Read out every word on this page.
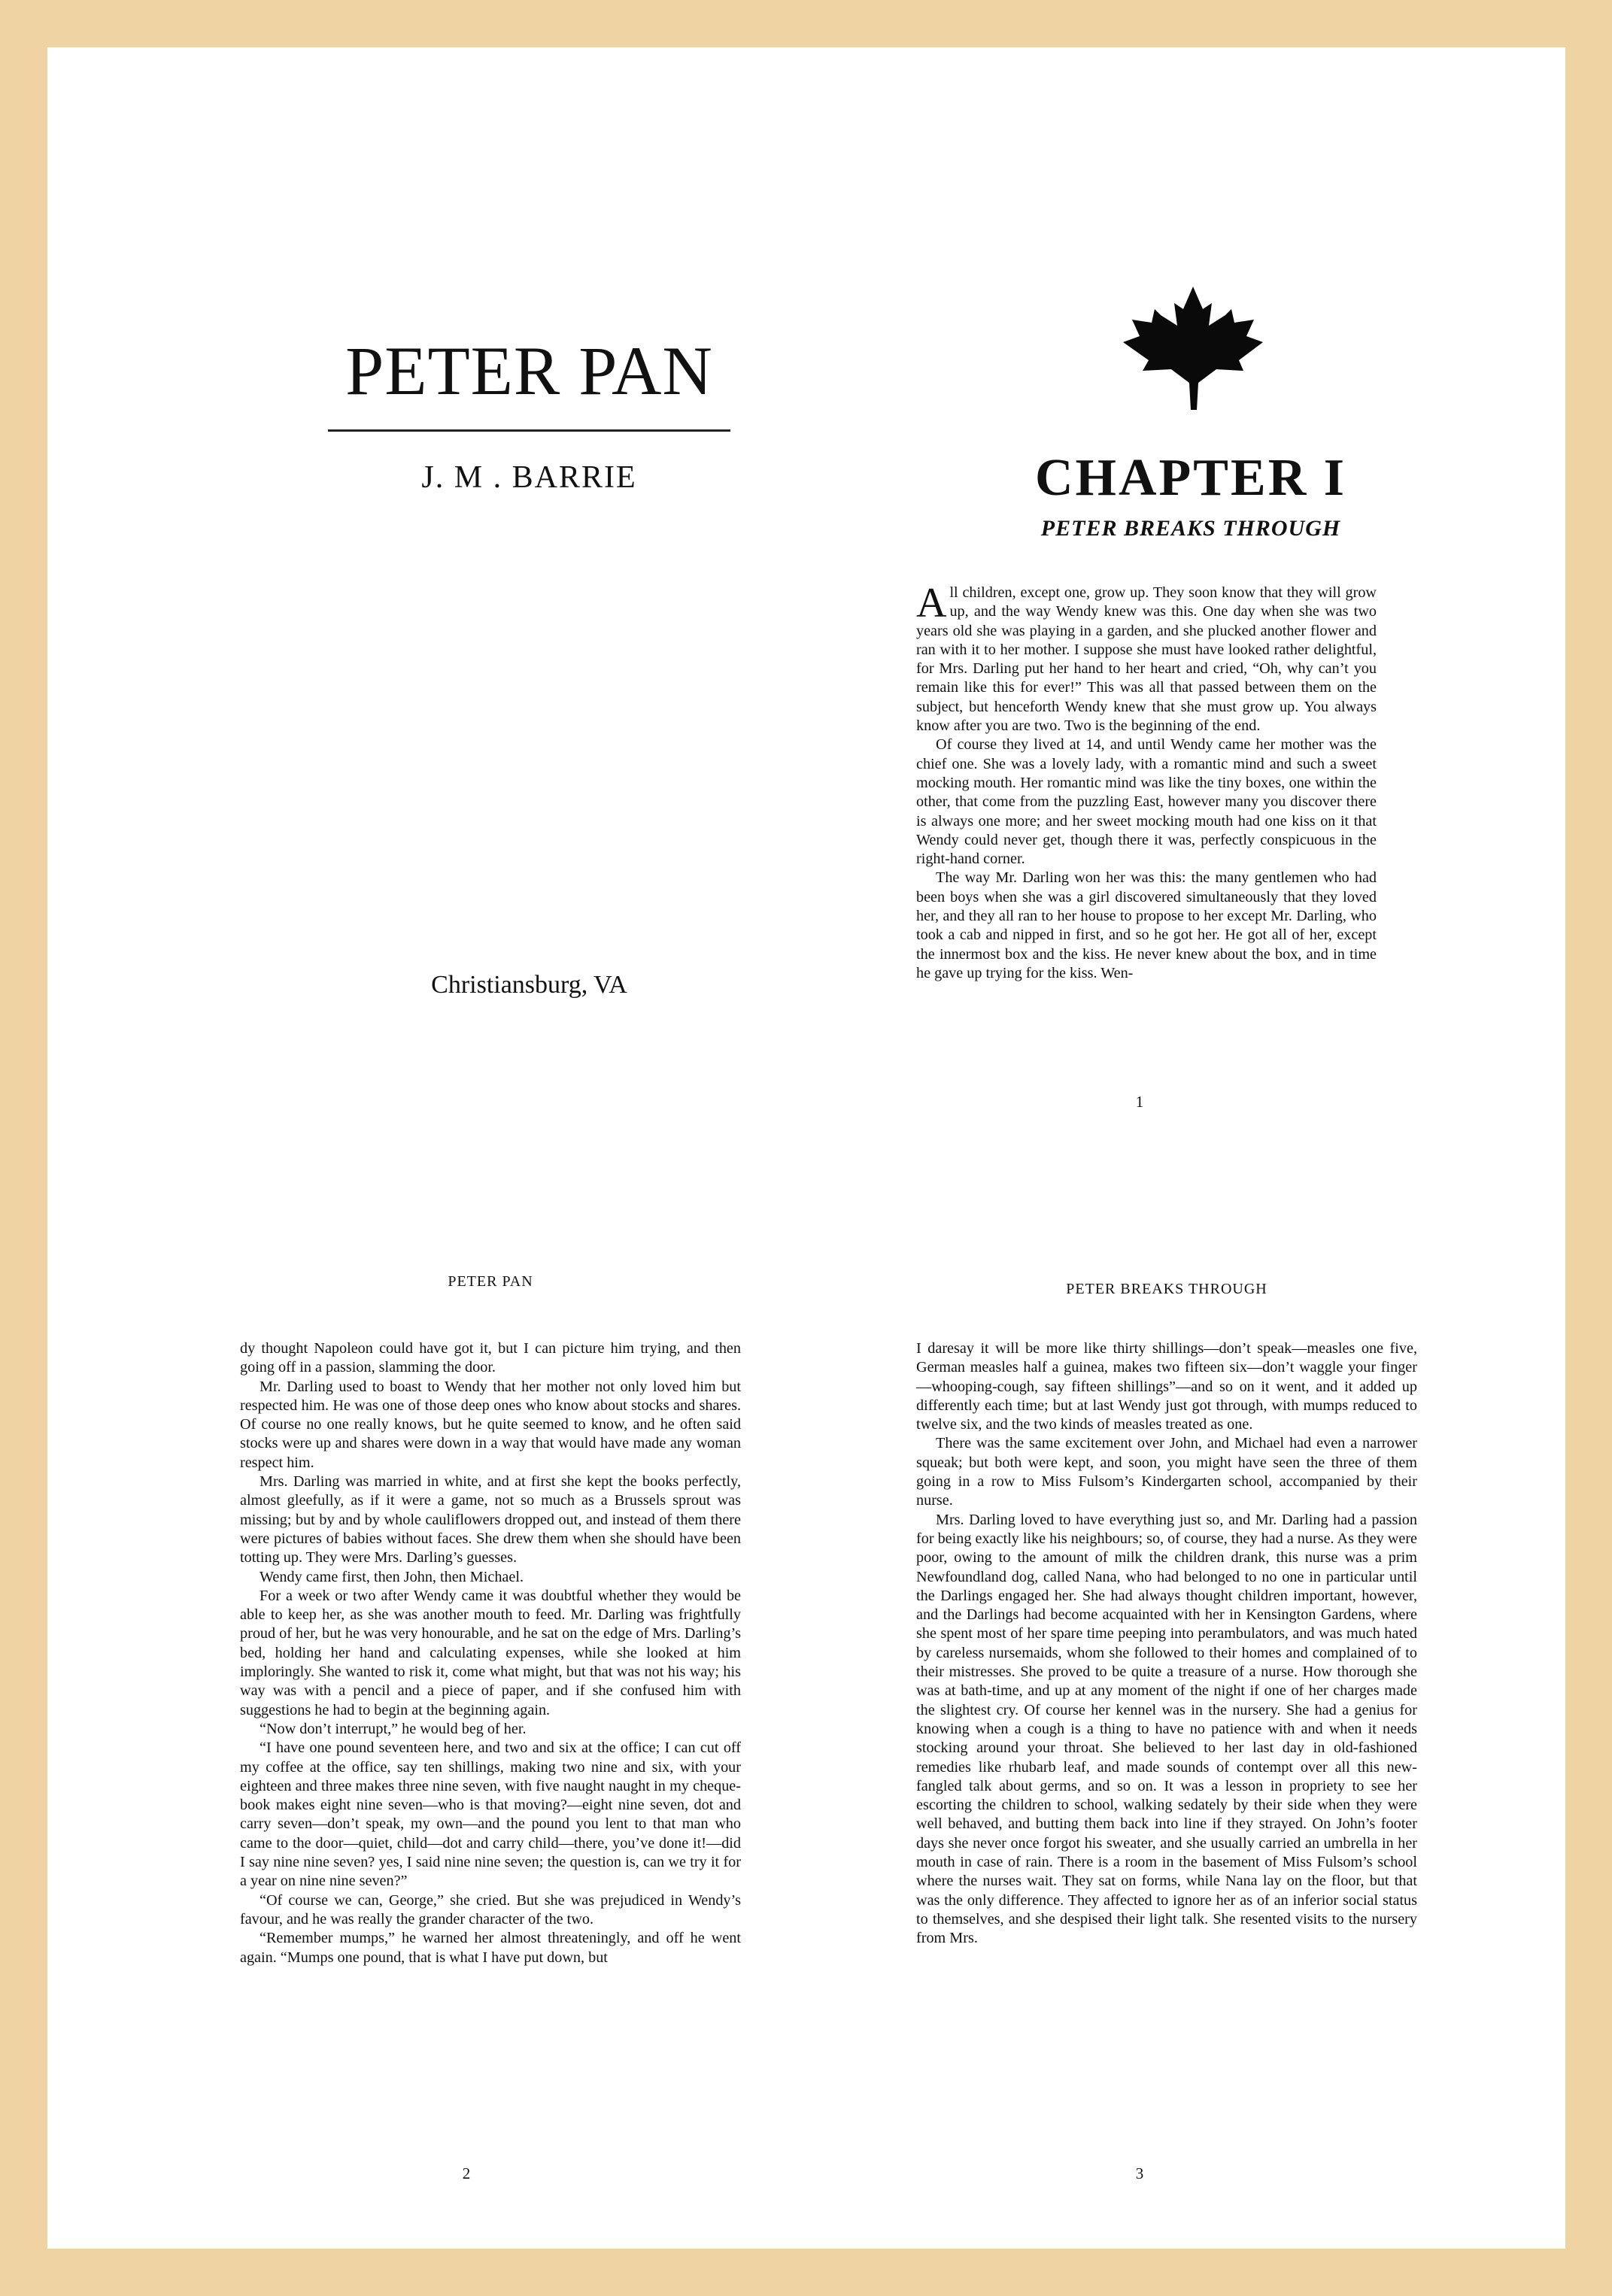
PETER PAN
J. M . BARRIE
Christiansburg, VA
CHAPTER I
PETER BREAKS THROUGH

All children, except one, grow up. They soon know that they will grow up, and the way Wendy knew was this. One day when she was two years old she was playing in a garden, and she plucked another flower and ran with it to her mother. I suppose she must have looked rather delightful, for Mrs. Darling put her hand to her heart and cried, “Oh, why can’t you remain like this for ever!” This was all that passed between them on the subject, but henceforth Wendy knew that she must grow up. You always know after you are two. Two is the beginning of the end.

Of course they lived at 14, and until Wendy came her mother was the chief one. She was a lovely lady, with a romantic mind and such a sweet mocking mouth. Her romantic mind was like the tiny boxes, one within the other, that come from the puzzling East, however many you discover there is always one more; and her sweet mocking mouth had one kiss on it that Wendy could never get, though there it was, perfectly conspicuous in the right-hand corner.

The way Mr. Darling won her was this: the many gentlemen who had been boys when she was a girl discovered simultaneously that they loved her, and they all ran to her house to propose to her except Mr. Darling, who took a cab and nipped in first, and so he got her. He got all of her, except the innermost box and the kiss. He never knew about the box, and in time he gave up trying for the kiss. Wen-

1
PETER PAN

dy thought Napoleon could have got it, but I can picture him trying, and then going off in a passion, slamming the door.

Mr. Darling used to boast to Wendy that her mother not only loved him but respected him. He was one of those deep ones who know about stocks and shares. Of course no one really knows, but he quite seemed to know, and he often said stocks were up and shares were down in a way that would have made any woman respect him.

Mrs. Darling was married in white, and at first she kept the books perfectly, almost gleefully, as if it were a game, not so much as a Brussels sprout was missing; but by and by whole cauliflowers dropped out, and instead of them there were pictures of babies without faces. She drew them when she should have been totting up. They were Mrs. Darling’s guesses.

Wendy came first, then John, then Michael.

For a week or two after Wendy came it was doubtful whether they would be able to keep her, as she was another mouth to feed. Mr. Darling was frightfully proud of her, but he was very honourable, and he sat on the edge of Mrs. Darling’s bed, holding her hand and calculating expenses, while she looked at him imploringly. She wanted to risk it, come what might, but that was not his way; his way was with a pencil and a piece of paper, and if she confused him with suggestions he had to begin at the beginning again.

“Now don’t interrupt,” he would beg of her.

“I have one pound seventeen here, and two and six at the office; I can cut off my coffee at the office, say ten shillings, making two nine and six, with your eighteen and three makes three nine seven, with five naught naught in my cheque-book makes eight nine seven—who is that moving?—eight nine seven, dot and carry seven—don’t speak, my own—and the pound you lent to that man who came to the door—quiet, child—dot and carry child—there, you’ve done it!—did I say nine nine seven? yes, I said nine nine seven; the question is, can we try it for a year on nine nine seven?”

“Of course we can, George,” she cried. But she was prejudiced in Wendy’s favour, and he was really the grander character of the two.

“Remember mumps,” he warned her almost threateningly, and off he went again. “Mumps one pound, that is what I have put down, but

2
PETER BREAKS THROUGH

I daresay it will be more like thirty shillings—don’t speak—measles one five, German measles half a guinea, makes two fifteen six—don’t waggle your finger—whooping-cough, say fifteen shillings”—and so on it went, and it added up differently each time; but at last Wendy just got through, with mumps reduced to twelve six, and the two kinds of measles treated as one.

There was the same excitement over John, and Michael had even a narrower squeak; but both were kept, and soon, you might have seen the three of them going in a row to Miss Fulsom’s Kindergarten school, accompanied by their nurse.

Mrs. Darling loved to have everything just so, and Mr. Darling had a passion for being exactly like his neighbours; so, of course, they had a nurse. As they were poor, owing to the amount of milk the children drank, this nurse was a prim Newfoundland dog, called Nana, who had belonged to no one in particular until the Darlings engaged her. She had always thought children important, however, and the Darlings had become acquainted with her in Kensington Gardens, where she spent most of her spare time peeping into perambulators, and was much hated by careless nursemaids, whom she followed to their homes and complained of to their mistresses. She proved to be quite a treasure of a nurse. How thorough she was at bath-time, and up at any moment of the night if one of her charges made the slightest cry. Of course her kennel was in the nursery. She had a genius for knowing when a cough is a thing to have no patience with and when it needs stocking around your throat. She believed to her last day in old-fashioned remedies like rhubarb leaf, and made sounds of contempt over all this new-fangled talk about germs, and so on. It was a lesson in propriety to see her escorting the children to school, walking sedately by their side when they were well behaved, and butting them back into line if they strayed. On John’s footer days she never once forgot his sweater, and she usually carried an umbrella in her mouth in case of rain. There is a room in the basement of Miss Fulsom’s school where the nurses wait. They sat on forms, while Nana lay on the floor, but that was the only difference. They affected to ignore her as of an inferior social status to themselves, and she despised their light talk. She resented visits to the nursery from Mrs.

3
